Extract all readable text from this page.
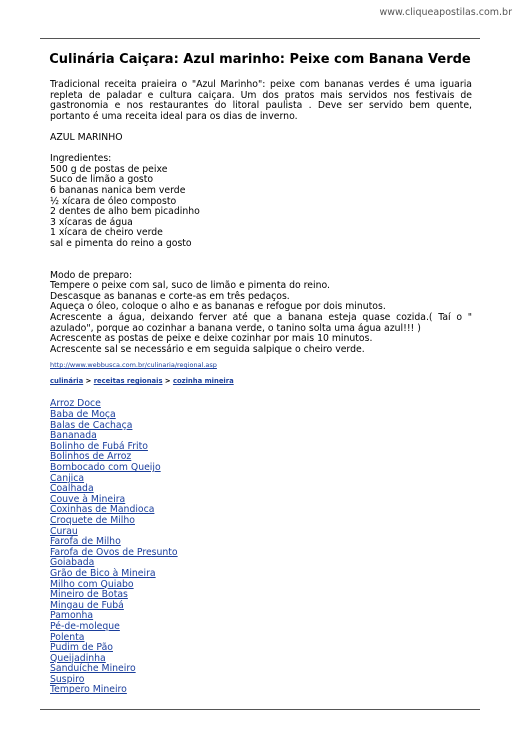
www.cliqueapostilas.com.br
Culinária Caiçara: Azul marinho: Peixe com Banana Verde

Tradicional receita praieira o "Azul Marinho": peixe com bananas verdes é uma iguaria repleta de paladar e cultura caiçara. Um dos pratos mais servidos nos festivais de gastronomia e nos restaurantes do litoral paulista . Deve ser servido bem quente, portanto é uma receita ideal para os dias de inverno.

AZUL MARINHO
Ingredientes:
500 g de postas de peixe
Suco de limão a gosto
6 bananas nanica bem verde
½ xícara de óleo composto
2 dentes de alho bem picadinho
3 xícaras de água
1 xícara de cheiro verde
sal e pimenta do reino a gosto
Modo de preparo:
Tempere o peixe com sal, suco de limão e pimenta do reino.
Descasque as bananas e corte-as em três pedaços.
Aqueça o óleo, coloque o alho e as bananas e refogue por dois minutos.
Acrescente a água, deixando ferver até que a banana esteja quase cozida.( Taí o " azulado", porque ao cozinhar a banana verde, o tanino solta uma água azul!!! )
Acrescente as postas de peixe e deixe cozinhar por mais 10 minutos.
Acrescente sal se necessário e em seguida salpique o cheiro verde.
http://www.webbusca.com.br/culinaria/regional.asp
culinária > receitas regionais > cozinha mineira
Arroz Doce
Baba de Moça
Balas de Cachaça
Bananada
Bolinho de Fubá Frito
Bolinhos de Arroz
Bombocado com Queijo
Canjica
Coalhada
Couve à Mineira
Coxinhas de Mandioca
Croquete de Milho
Curau
Farofa de Milho
Farofa de Ovos de Presunto
Goiabada
Grão de Bico à Mineira
Milho com Quiabo
Mineiro de Botas
Mingau de Fubá
Pamonha
Pé-de-moleque
Polenta
Pudim de Pão
Queijadinha
Sanduíche Mineiro
Suspiro
Tempero Mineiro
